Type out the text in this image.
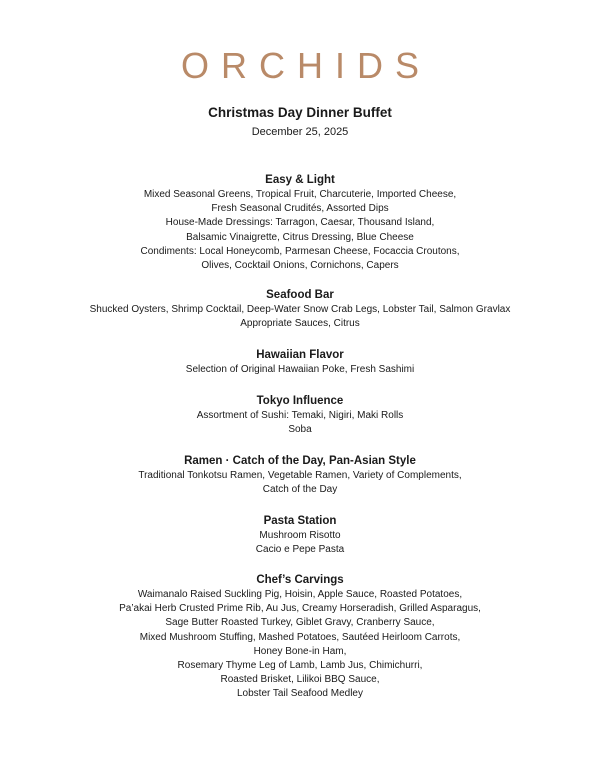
ORCHIDS
Christmas Day Dinner Buffet
December 25, 2025

Easy & Light

Mixed Seasonal Greens, Tropical Fruit, Charcuterie, Imported Cheese,

Fresh Seasonal Crudités, Assorted Dips

House-Made Dressings: Tarragon, Caesar, Thousand Island,

Balsamic Vinaigrette, Citrus Dressing, Blue Cheese

Condiments: Local Honeycomb, Parmesan Cheese, Focaccia Croutons,

Olives, Cocktail Onions, Cornichons, Capers

Seafood Bar

Shucked Oysters, Shrimp Cocktail, Deep-Water Snow Crab Legs, Lobster Tail, Salmon Gravlax

Appropriate Sauces, Citrus

Hawaiian Flavor

Selection of Original Hawaiian Poke, Fresh Sashimi

Tokyo Influence

Assortment of Sushi: Temaki, Nigiri, Maki Rolls

Soba

Ramen · Catch of the Day, Pan-Asian Style

Traditional Tonkotsu Ramen, Vegetable Ramen, Variety of Complements,

Catch of the Day

Pasta Station

Mushroom Risotto

Cacio e Pepe Pasta

Chef’s Carvings

Waimanalo Raised Suckling Pig, Hoisin, Apple Sauce, Roasted Potatoes,

Pa’akai Herb Crusted Prime Rib, Au Jus, Creamy Horseradish, Grilled Asparagus,

Sage Butter Roasted Turkey, Giblet Gravy, Cranberry Sauce,

Mixed Mushroom Stuffing, Mashed Potatoes, Sautéed Heirloom Carrots,

Honey Bone-in Ham,

Rosemary Thyme Leg of Lamb, Lamb Jus, Chimichurri,

Roasted Brisket, Lilikoi BBQ Sauce,

Lobster Tail Seafood Medley
